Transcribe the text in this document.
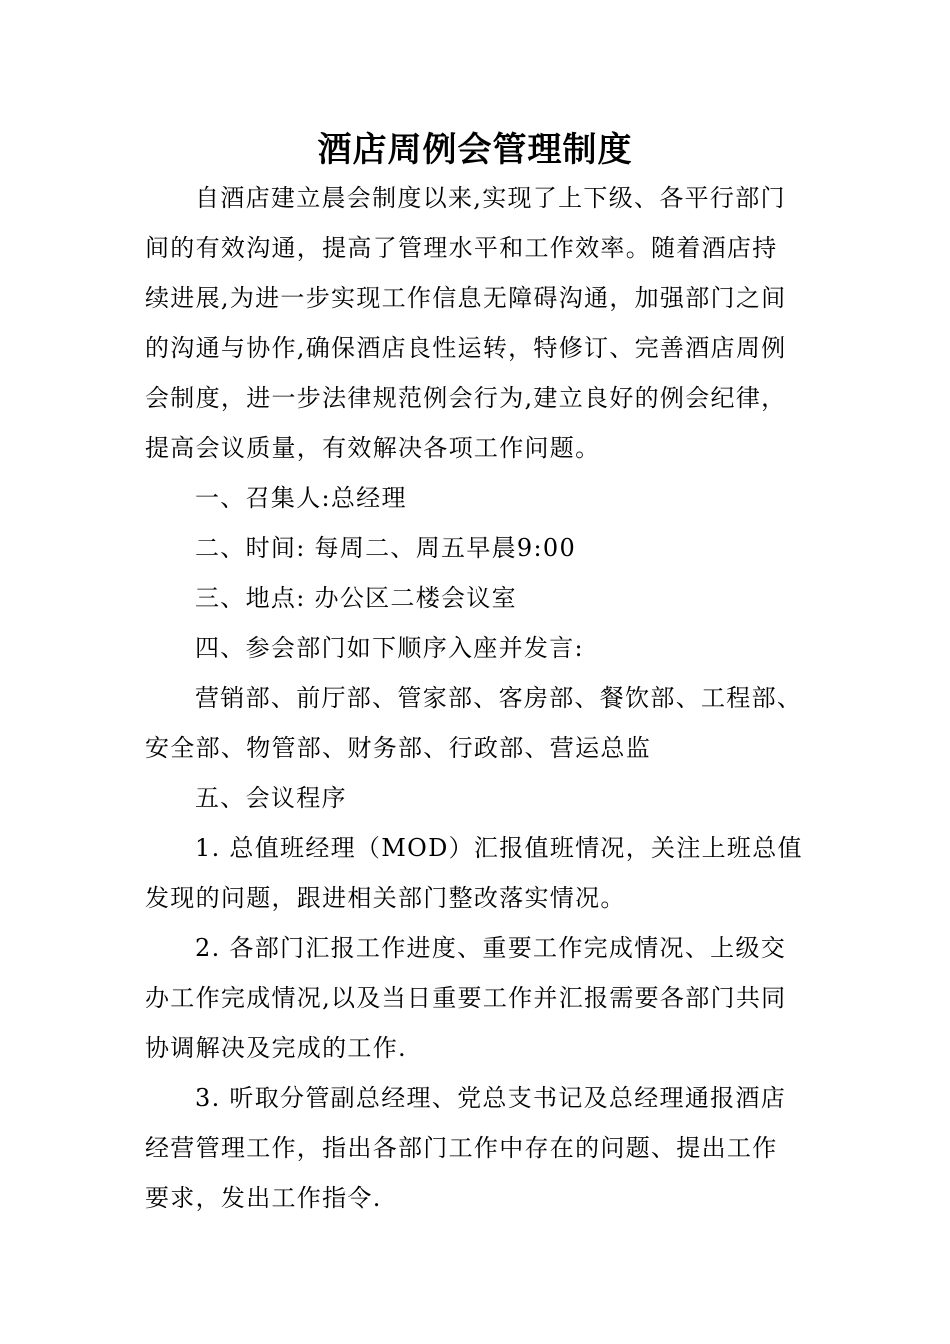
酒店周例会管理制度
自酒店建立晨会制度以来,实现了上下级、各平行部门
间的有效沟通，提高了管理水平和工作效率。随着酒店持
续进展,为进一步实现工作信息无障碍沟通，加强部门之间
的沟通与协作,确保酒店良性运转，特修订、完善酒店周例
会制度，进一步法律规范例会行为,建立良好的例会纪律，
提高会议质量，有效解决各项工作问题。
一、召集人:总经理
二、时间: 每周二、周五早晨9:00
三、地点: 办公区二楼会议室
四、参会部门如下顺序入座并发言:
营销部、前厅部、管家部、客房部、餐饮部、工程部、
安全部、物管部、财务部、行政部、营运总监
五、会议程序
1. 总值班经理（MOD）汇报值班情况，关注上班总值
发现的问题，跟进相关部门整改落实情况。
2. 各部门汇报工作进度、重要工作完成情况、上级交
办工作完成情况,以及当日重要工作并汇报需要各部门共同
协调解决及完成的工作.
3. 听取分管副总经理、党总支书记及总经理通报酒店
经营管理工作，指出各部门工作中存在的问题、提出工作
要求，发出工作指令.
